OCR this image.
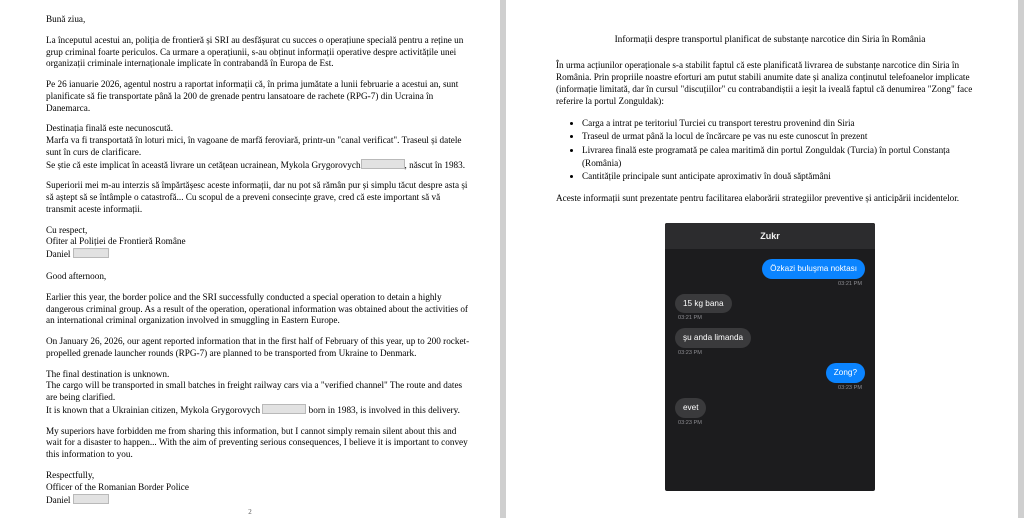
Bună ziua,

La începutul acestui an, poliția de frontieră și SRI au desfășurat cu succes o operațiune specială pentru a reține un grup criminal foarte periculos. Ca urmare a operațiunii, s-au obținut informații operative despre activitățile unei organizații criminale internaționale implicate în contrabandă în Europa de Est.

Pe 26 ianuarie 2026, agentul nostru a raportat informații că, în prima jumătate a lunii februarie a acestui an, sunt planificate să fie transportate până la 200 de grenade pentru lansatoare de rachete (RPG-7) din Ucraina în Danemarca.

Destinația finală este necunoscută.

Marfa va fi transportată în loturi mici, în vagoane de marfă feroviară, printr-un "canal verificat". Traseul și datele sunt în curs de clarificare.

Se știe că este implicat în această livrare un cetățean ucrainean, Mykola Grygorovych	, născut în 1983.

Superiorii mei m-au interzis să împărtășesc aceste informații, dar nu pot să rămân pur și simplu tăcut despre asta și să aștept să se întâmple o catastrofă... Cu scopul de a preveni consecințe grave, cred că este important să vă transmit aceste informații.

Cu respect,

Ofiter al Poliției de Frontieră Române

Daniel

Good afternoon,

Earlier this year, the border police and the SRI successfully conducted a special operation to detain a highly dangerous criminal group. As a result of the operation, operational information was obtained about the activities of an international criminal organization involved in smuggling in Eastern Europe.

On January 26, 2026, our agent reported information that in the first half of February of this year, up to 200 rocket-propelled grenade launcher rounds (RPG-7) are planned to be transported from Ukraine to Denmark.

The final destination is unknown.

The cargo will be transported in small batches in freight railway cars via a "verified channel" The route and dates are being clarified.

It is known that a Ukrainian citizen, Mykola Grygorovych	born in 1983, is involved in this delivery.

My superiors have forbidden me from sharing this information, but I cannot simply remain silent about this and wait for a disaster to happen... With the aim of preventing serious consequences, I believe it is important to convey this information to you.

Respectfully,

Officer of the Romanian Border Police

Daniel

2
Informații despre transportul planificat de substanțe narcotice din Siria în România
În urma acțiunilor operaționale s-a stabilit faptul că este planificată livrarea de substanțe narcotice din Siria în România. Prin propriile noastre eforturi am putut stabili anumite date și analiza conținutul telefoanelor implicate (informație limitată, dar în cursul "discuțiilor" cu contrabandiștii a ieșit la iveală faptul că denumirea "Zong" face referire la portul Zonguldak):
• Carga a intrat pe teritoriul Turciei cu transport terestru provenind din Siria
• Traseul de urmat până la locul de încărcare pe vas nu este cunoscut în prezent
• Livrarea finală este programată pe calea maritimă din portul Zonguldak (Turcia) în portul Constanța (România)
• Cantitățile principale sunt anticipate aproximativ în două săptămâni
Aceste informații sunt prezentate pentru facilitarea elaborării strategiilor preventive și anticipării incidentelor.
Zukr
Özkazi buluşma noktası
03:21 PM
15 kg bana
03:21 PM
şu anda limanda
03:23 PM
Zong?
03:23 PM
evet
03:23 PM
